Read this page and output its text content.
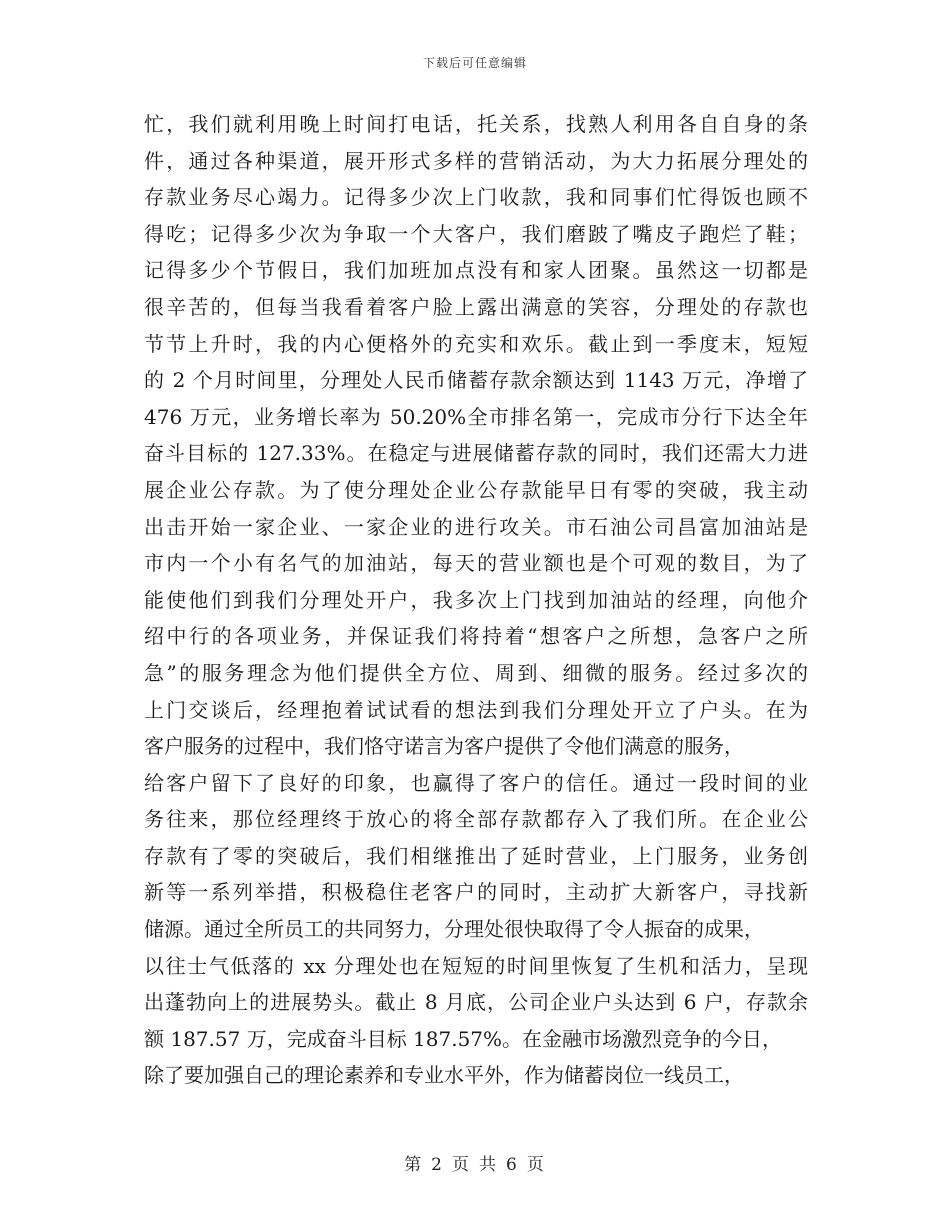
下载后可任意编辑
忙，我们就利用晚上时间打电话，托关系，找熟人利用各自自身的条
件，通过各种渠道，展开形式多样的营销活动，为大力拓展分理处的
存款业务尽心竭力。记得多少次上门收款，我和同事们忙得饭也顾不
得吃；记得多少次为争取一个大客户，我们磨跛了嘴皮子跑烂了鞋；
记得多少个节假日，我们加班加点没有和家人团聚。虽然这一切都是
很辛苦的，但每当我看着客户脸上露出满意的笑容，分理处的存款也
节节上升时，我的内心便格外的充实和欢乐。截止到一季度末，短短
的 2 个月时间里，分理处人民币储蓄存款余额达到 1143 万元，净增了
476 万元，业务增长率为 50.20%全市排名第一，完成市分行下达全年
奋斗目标的 127.33%。在稳定与进展储蓄存款的同时，我们还需大力进
展企业公存款。为了使分理处企业公存款能早日有零的突破，我主动
出击开始一家企业、一家企业的进行攻关。市石油公司昌富加油站是
市内一个小有名气的加油站，每天的营业额也是个可观的数目，为了
能使他们到我们分理处开户，我多次上门找到加油站的经理，向他介
绍中行的各项业务，并保证我们将持着“想客户之所想，急客户之所
急”的服务理念为他们提供全方位、周到、细微的服务。经过多次的
上门交谈后，经理抱着试试看的想法到我们分理处开立了户头。在为
客户服务的过程中，我们恪守诺言为客户提供了令他们满意的服务，
给客户留下了良好的印象，也赢得了客户的信任。通过一段时间的业
务往来，那位经理终于放心的将全部存款都存入了我们所。在企业公
存款有了零的突破后，我们相继推出了延时营业，上门服务，业务创
新等一系列举措，积极稳住老客户的同时，主动扩大新客户，寻找新
储源。通过全所员工的共同努力，分理处很快取得了令人振奋的成果，
以往士气低落的 xx 分理处也在短短的时间里恢复了生机和活力，呈现
出蓬勃向上的进展势头。截止 8 月底，公司企业户头达到 6 户，存款余
额 187.57 万，完成奋斗目标 187.57%。在金融市场激烈竞争的今日，
除了要加强自己的理论素养和专业水平外，作为储蓄岗位一线员工，
第 2 页 共 6 页
